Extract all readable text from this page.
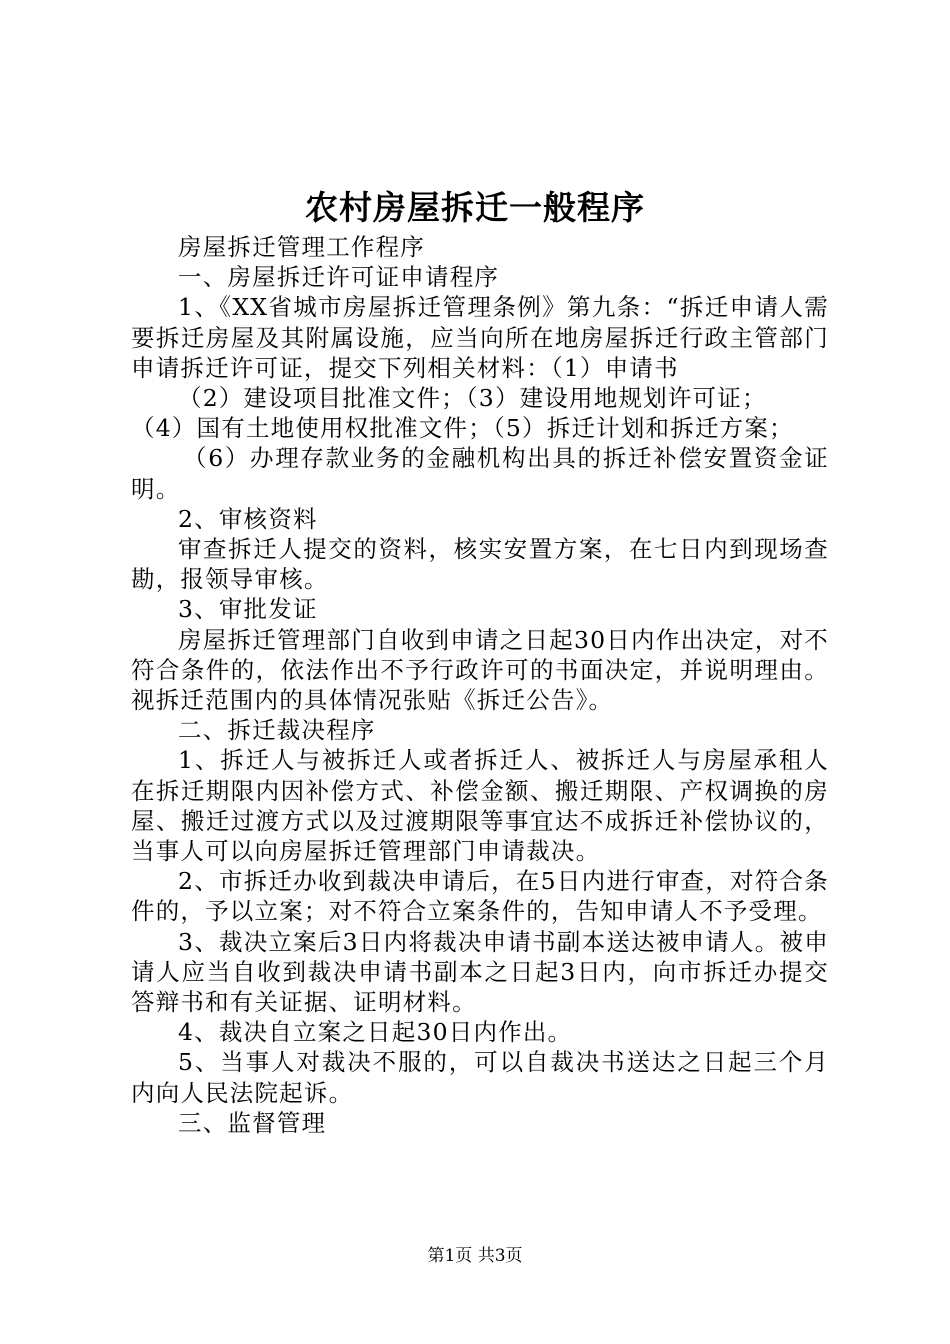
农村房屋拆迁一般程序

房屋拆迁管理工作程序

一、房屋拆迁许可证申请程序

1、《XX省城市房屋拆迁管理条例》第九条：“拆迁申请人需要拆迁房屋及其附属设施，应当向所在地房屋拆迁行政主管部门申请拆迁许可证，提交下列相关材料：（1）申请书

（2）建设项目批准文件；（3）建设用地规划许可证；

（4）国有土地使用权批准文件；（5）拆迁计划和拆迁方案；

（6）办理存款业务的金融机构出具的拆迁补偿安置资金证明。

2、审核资料

审查拆迁人提交的资料，核实安置方案，在七日内到现场查勘，报领导审核。

3、审批发证

房屋拆迁管理部门自收到申请之日起30日内作出决定，对不符合条件的，依法作出不予行政许可的书面决定，并说明理由。视拆迁范围内的具体情况张贴《拆迁公告》。

二、拆迁裁决程序

1、拆迁人与被拆迁人或者拆迁人、被拆迁人与房屋承租人在拆迁期限内因补偿方式、补偿金额、搬迁期限、产权调换的房屋、搬迁过渡方式以及过渡期限等事宜达不成拆迁补偿协议的，当事人可以向房屋拆迁管理部门申请裁决。

2、市拆迁办收到裁决申请后，在5日内进行审查，对符合条件的，予以立案；对不符合立案条件的，告知申请人不予受理。

3、裁决立案后3日内将裁决申请书副本送达被申请人。被申请人应当自收到裁决申请书副本之日起3日内，向市拆迁办提交答辩书和有关证据、证明材料。

4、裁决自立案之日起30日内作出。

5、当事人对裁决不服的，可以自裁决书送达之日起三个月内向人民法院起诉。

三、监督管理

第1页 共3页
